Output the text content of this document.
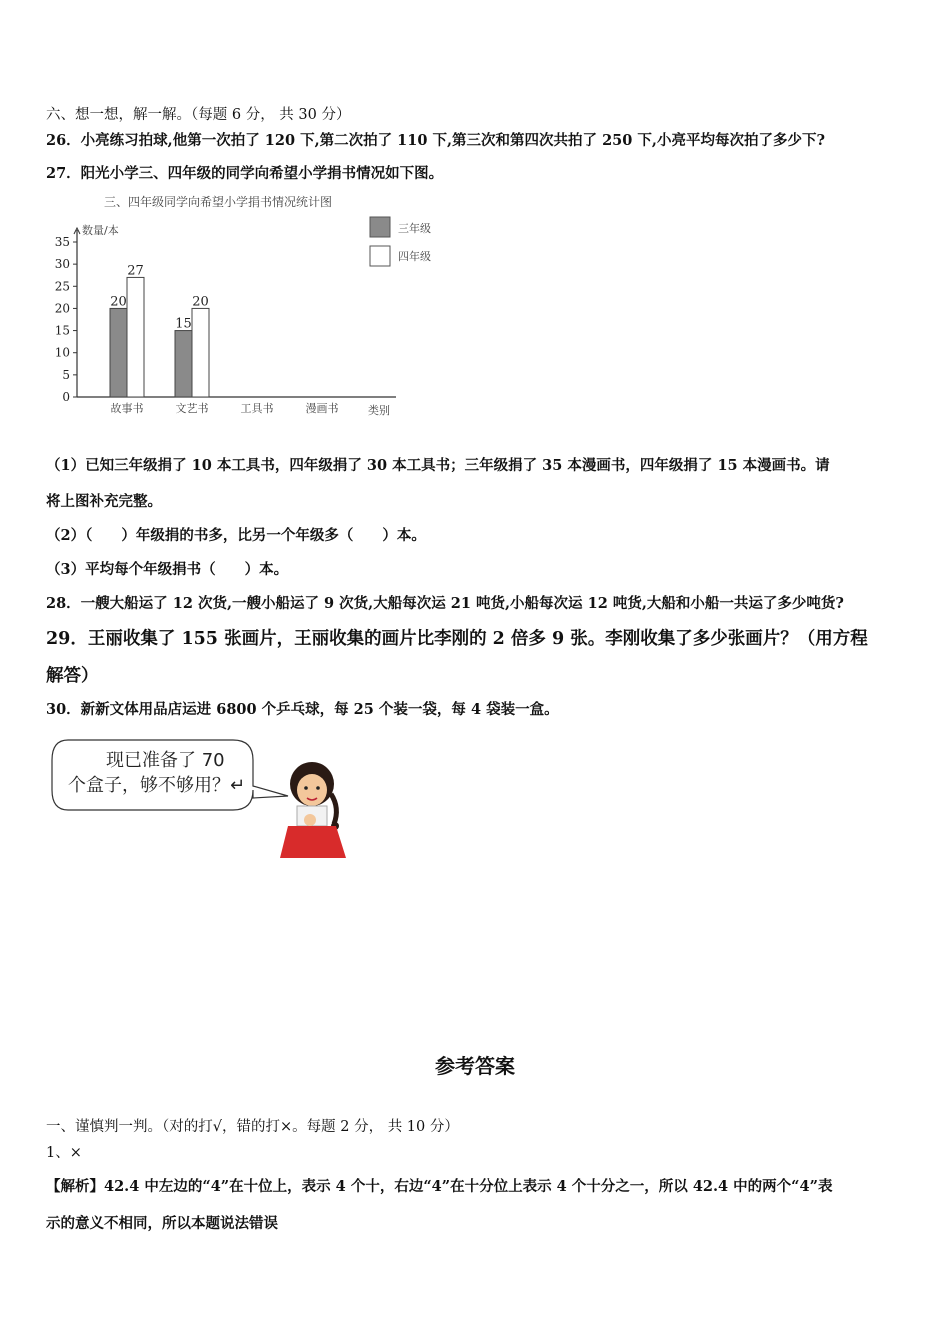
六、想一想，解一解。（每题 6 分， 共 30 分）
26．小亮练习拍球,他第一次拍了 120 下,第二次拍了 110 下,第三次和第四次共拍了 250 下,小亮平均每次拍了多少下?
27．阳光小学三、四年级的同学向希望小学捐书情况如下图。
三、四年级同学向希望小学捐书情况统计图
数量/本
0
5
10
15
20
25
30
35
20
27
15
20
故事书	文艺书	工具书	漫画书	类别
三年级
四年级
（1）已知三年级捐了 10 本工具书，四年级捐了 30 本工具书；三年级捐了 35 本漫画书，四年级捐了 15 本漫画书。请
将上图补充完整。
（2）（　　）年级捐的书多，比另一个年级多（　　）本。
（3）平均每个年级捐书（　　）本。
28．一艘大船运了 12 次货,一艘小船运了 9 次货,大船每次运 21 吨货,小船每次运 12 吨货,大船和小船一共运了多少吨货?
29．王丽收集了 155 张画片，王丽收集的画片比李刚的 2 倍多 9 张。李刚收集了多少张画片？（用方程
解答）
30．新新文体用品店运进 6800 个乒乓球，每 25 个装一袋，每 4 袋装一盒。
现已准备了 70
个盒子，够不够用？↵
参考答案
一、谨慎判一判。（对的打√，错的打×。每题 2 分， 共 10 分）
1、×
【解析】42.4 中左边的“4”在十位上，表示 4 个十，右边“4”在十分位上表示 4 个十分之一，所以 42.4 中的两个“4”表
示的意义不相同，所以本题说法错误
